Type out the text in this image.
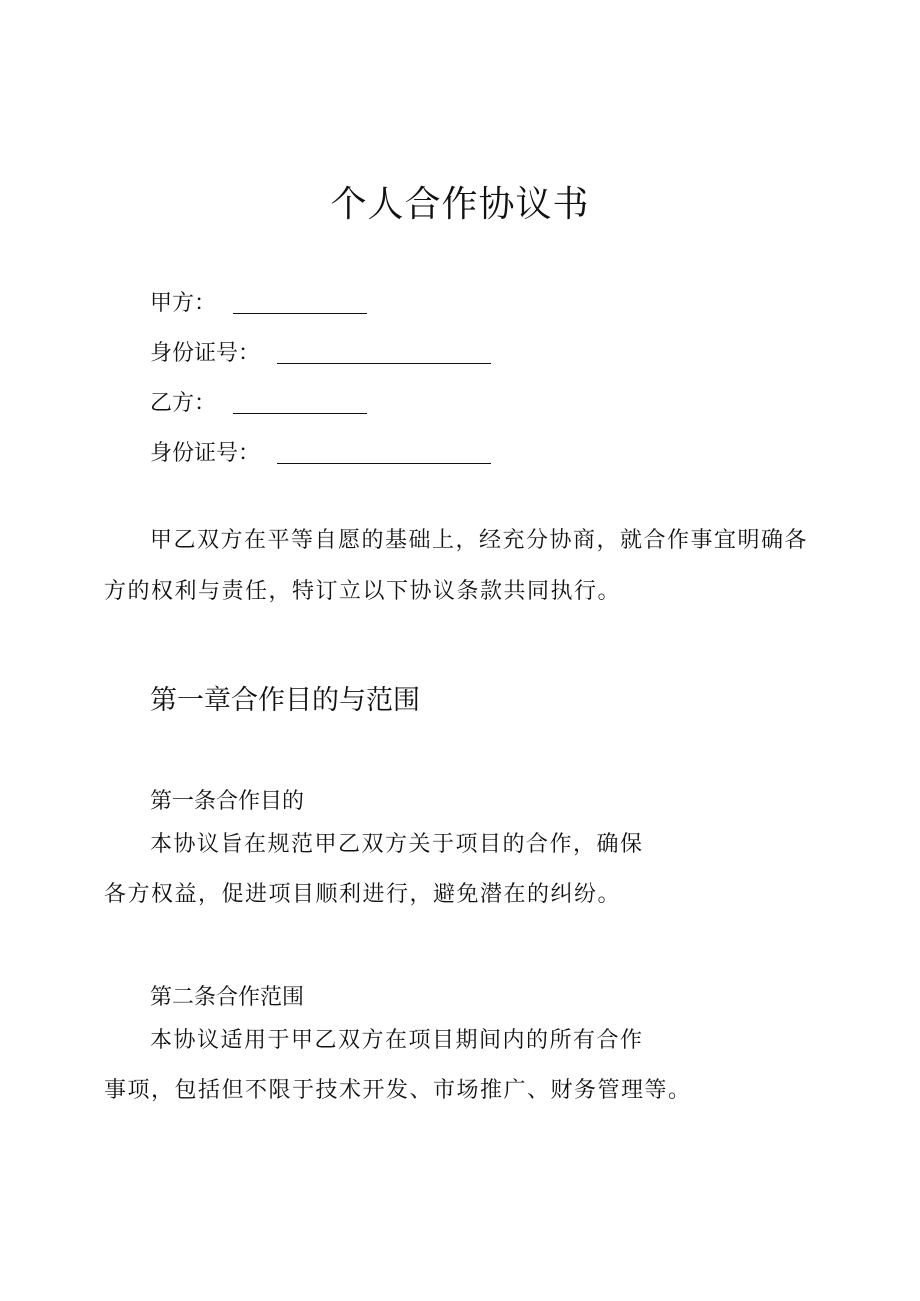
个人合作协议书
甲方：
身份证号：
乙方：
身份证号：
甲乙双方在平等自愿的基础上，经充分协商，就合作事宜明确各
方的权利与责任，特订立以下协议条款共同执行。
第一章合作目的与范围
第一条合作目的
本协议旨在规范甲乙双方关于项目的合作，确保
各方权益，促进项目顺利进行，避免潜在的纠纷。
第二条合作范围
本协议适用于甲乙双方在项目期间内的所有合作
事项，包括但不限于技术开发、市场推广、财务管理等。
